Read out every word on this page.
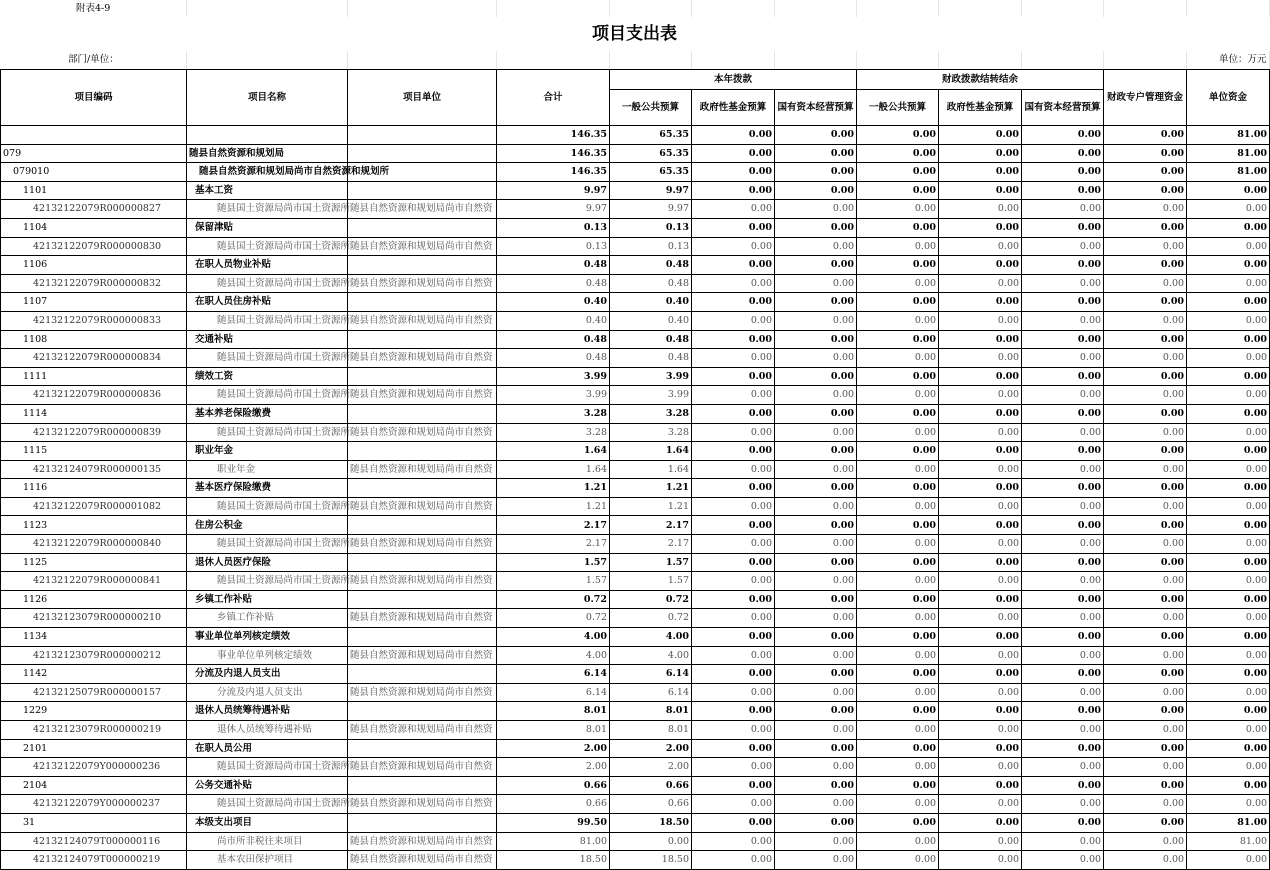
附表4-9											
项目支出表											
部门/单位：											单位：万元
项目编码	项目名称	项目单位	合计	本年拨款			财政拨款结转结余			财政专户管理资金	单位资金
				一般公共预算	政府性基金预算	国有资本经营预算	一般公共预算	政府性基金预算	国有资本经营预算		
			146.35	65.35	0.00	0.00	0.00	0.00	0.00	0.00	81.00
079	随县自然资源和规划局		146.35	65.35	0.00	0.00	0.00	0.00	0.00	0.00	81.00
079010	随县自然资源和规划局尚市自然资源和规划所		146.35	65.35	0.00	0.00	0.00	0.00	0.00	0.00	81.00
1101	基本工资		9.97	9.97	0.00	0.00	0.00	0.00	0.00	0.00	0.00
42132122079R000000827	随县国土资源局尚市国土资源所	随县自然资源和规划局尚市自然资	9.97	9.97	0.00	0.00	0.00	0.00	0.00	0.00	0.00
1104	保留津贴		0.13	0.13	0.00	0.00	0.00	0.00	0.00	0.00	0.00
42132122079R000000830	随县国土资源局尚市国土资源所	随县自然资源和规划局尚市自然资	0.13	0.13	0.00	0.00	0.00	0.00	0.00	0.00	0.00
1106	在职人员物业补贴		0.48	0.48	0.00	0.00	0.00	0.00	0.00	0.00	0.00
42132122079R000000832	随县国土资源局尚市国土资源所	随县自然资源和规划局尚市自然资	0.48	0.48	0.00	0.00	0.00	0.00	0.00	0.00	0.00
1107	在职人员住房补贴		0.40	0.40	0.00	0.00	0.00	0.00	0.00	0.00	0.00
42132122079R000000833	随县国土资源局尚市国土资源所	随县自然资源和规划局尚市自然资	0.40	0.40	0.00	0.00	0.00	0.00	0.00	0.00	0.00
1108	交通补贴		0.48	0.48	0.00	0.00	0.00	0.00	0.00	0.00	0.00
42132122079R000000834	随县国土资源局尚市国土资源所	随县自然资源和规划局尚市自然资	0.48	0.48	0.00	0.00	0.00	0.00	0.00	0.00	0.00
1111	绩效工资		3.99	3.99	0.00	0.00	0.00	0.00	0.00	0.00	0.00
42132122079R000000836	随县国土资源局尚市国土资源所	随县自然资源和规划局尚市自然资	3.99	3.99	0.00	0.00	0.00	0.00	0.00	0.00	0.00
1114	基本养老保险缴费		3.28	3.28	0.00	0.00	0.00	0.00	0.00	0.00	0.00
42132122079R000000839	随县国土资源局尚市国土资源所	随县自然资源和规划局尚市自然资	3.28	3.28	0.00	0.00	0.00	0.00	0.00	0.00	0.00
1115	职业年金		1.64	1.64	0.00	0.00	0.00	0.00	0.00	0.00	0.00
42132124079R000000135	职业年金	随县自然资源和规划局尚市自然资	1.64	1.64	0.00	0.00	0.00	0.00	0.00	0.00	0.00
1116	基本医疗保险缴费		1.21	1.21	0.00	0.00	0.00	0.00	0.00	0.00	0.00
42132122079R000001082	随县国土资源局尚市国土资源所	随县自然资源和规划局尚市自然资	1.21	1.21	0.00	0.00	0.00	0.00	0.00	0.00	0.00
1123	住房公积金		2.17	2.17	0.00	0.00	0.00	0.00	0.00	0.00	0.00
42132122079R000000840	随县国土资源局尚市国土资源所	随县自然资源和规划局尚市自然资	2.17	2.17	0.00	0.00	0.00	0.00	0.00	0.00	0.00
1125	退休人员医疗保险		1.57	1.57	0.00	0.00	0.00	0.00	0.00	0.00	0.00
42132122079R000000841	随县国土资源局尚市国土资源所	随县自然资源和规划局尚市自然资	1.57	1.57	0.00	0.00	0.00	0.00	0.00	0.00	0.00
1126	乡镇工作补贴		0.72	0.72	0.00	0.00	0.00	0.00	0.00	0.00	0.00
42132123079R000000210	乡镇工作补贴	随县自然资源和规划局尚市自然资	0.72	0.72	0.00	0.00	0.00	0.00	0.00	0.00	0.00
1134	事业单位单列核定绩效		4.00	4.00	0.00	0.00	0.00	0.00	0.00	0.00	0.00
42132123079R000000212	事业单位单列核定绩效	随县自然资源和规划局尚市自然资	4.00	4.00	0.00	0.00	0.00	0.00	0.00	0.00	0.00
1142	分流及内退人员支出		6.14	6.14	0.00	0.00	0.00	0.00	0.00	0.00	0.00
42132125079R000000157	分流及内退人员支出	随县自然资源和规划局尚市自然资	6.14	6.14	0.00	0.00	0.00	0.00	0.00	0.00	0.00
1229	退休人员统筹待遇补贴		8.01	8.01	0.00	0.00	0.00	0.00	0.00	0.00	0.00
42132123079R000000219	退休人员统筹待遇补贴	随县自然资源和规划局尚市自然资	8.01	8.01	0.00	0.00	0.00	0.00	0.00	0.00	0.00
2101	在职人员公用		2.00	2.00	0.00	0.00	0.00	0.00	0.00	0.00	0.00
42132122079Y000000236	随县国土资源局尚市国土资源所	随县自然资源和规划局尚市自然资	2.00	2.00	0.00	0.00	0.00	0.00	0.00	0.00	0.00
2104	公务交通补贴		0.66	0.66	0.00	0.00	0.00	0.00	0.00	0.00	0.00
42132122079Y000000237	随县国土资源局尚市国土资源所	随县自然资源和规划局尚市自然资	0.66	0.66	0.00	0.00	0.00	0.00	0.00	0.00	0.00
31	本级支出项目		99.50	18.50	0.00	0.00	0.00	0.00	0.00	0.00	81.00
42132124079T000000116	尚市所非税往来项目	随县自然资源和规划局尚市自然资	81.00	0.00	0.00	0.00	0.00	0.00	0.00	0.00	81.00
42132124079T000000219	基本农田保护项目	随县自然资源和规划局尚市自然资	18.50	18.50	0.00	0.00	0.00	0.00	0.00	0.00	0.00
